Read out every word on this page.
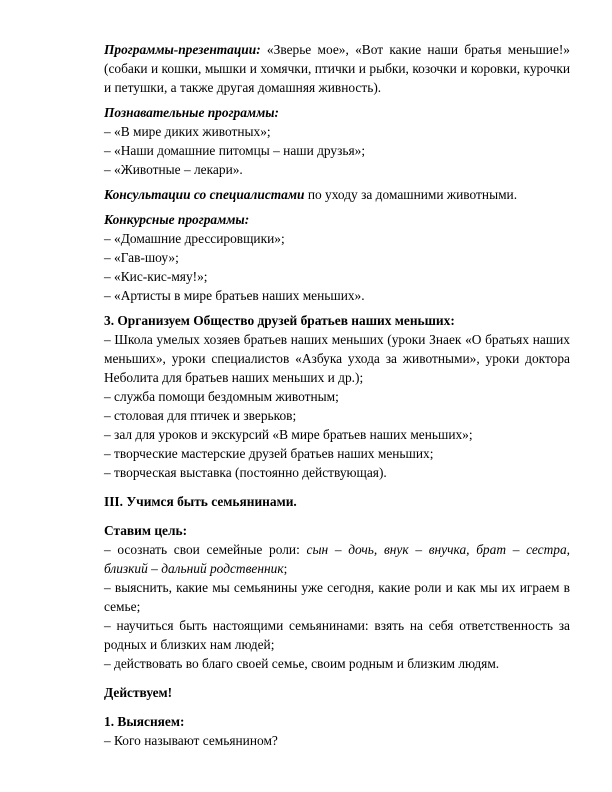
Программы-презентации: «Зверье мое», «Вот какие наши братья меньшие!» (собаки и кошки, мышки и хомячки, птички и рыбки, козочки и коровки, курочки и петушки, а также другая домашняя живность).

Познавательные программы:

– «В мире диких животных»;

– «Наши домашние питомцы – наши друзья»;

– «Животные – лекари».

Консультации со специалистами по уходу за домашними животными.

Конкурсные программы:

– «Домашние дрессировщики»;

– «Гав-шоу»;

– «Кис-кис-мяу!»;

– «Артисты в мире братьев наших меньших».

3. Организуем Общество друзей братьев наших меньших:

– Школа умелых хозяев братьев наших меньших (уроки Знаек «О братьях наших меньших», уроки специалистов «Азбука ухода за животными», уроки доктора Неболита для братьев наших меньших и др.);

– служба помощи бездомным животным;

– столовая для птичек и зверьков;

– зал для уроков и экскурсий «В мире братьев наших меньших»;

– творческие мастерские друзей братьев наших меньших;

– творческая выставка (постоянно действующая).

III. Учимся быть семьянинами.

Ставим цель:

– осознать свои семейные роли: сын – дочь, внук – внучка, брат – сестра, близкий – дальний родственник;

– выяснить, какие мы семьянины уже сегодня, какие роли и как мы их играем в семье;

– научиться быть настоящими семьянинами: взять на себя ответственность за родных и близких нам людей;

– действовать во благо своей семье, своим родным и близким людям.

Действуем!

1. Выясняем:

– Кого называют семьянином?
